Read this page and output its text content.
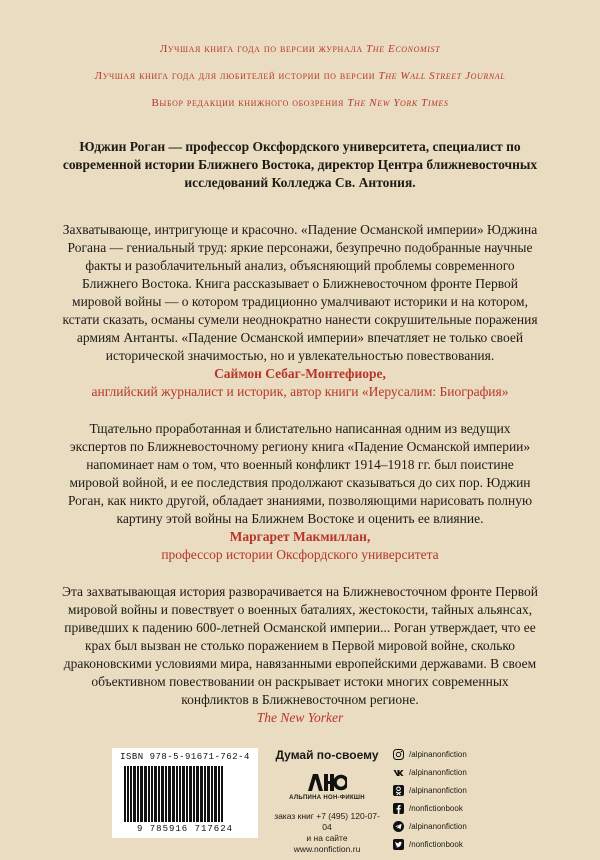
Лучшая книга года по версии журнала The Economist
Лучшая книга года для любителей истории по версии The Wall Street Journal
Выбор редакции книжного обозрения The New York Times
Юджин Роган — профессор Оксфордского университета, специалист по современной истории Ближнего Востока, директор Центра ближневосточных исследований Колледжа Св. Антония.

Захватывающе, интригующе и красочно. «Падение Османской империи» Юджина Рогана — гениальный труд: яркие персонажи, безупречно подобранные научные факты и разоблачительный анализ, объясняющий проблемы современного Ближнего Востока. Книга рассказывает о Ближневосточном фронте Первой мировой войны — о котором традиционно умалчивают историки и на котором, кстати сказать, османы сумели неоднократно нанести сокрушительные поражения армиям Антанты. «Падение Османской империи» впечатляет не только своей исторической значимостью, но и увлекательностью повествования.

Саймон Себаг-Монтефиоре,
английский журналист и историк, автор книги «Иерусалим: Биография»

Тщательно проработанная и блистательно написанная одним из ведущих экспертов по Ближневосточному региону книга «Падение Османской империи» напоминает нам о том, что военный конфликт 1914–1918 гг. был поистине мировой войной, и ее последствия продолжают сказываться до сих пор. Юджин Роган, как никто другой, обладает знаниями, позволяющими нарисовать полную картину этой войны на Ближнем Востоке и оценить ее влияние.

Маргарет Макмиллан,
профессор истории Оксфордского университета

Эта захватывающая история разворачивается на Ближневосточном фронте Первой мировой войны и повествует о военных баталиях, жестокости, тайных альянсах, приведших к падению 600-летней Османской империи... Роган утверждает, что ее крах был вызван не столько поражением в Первой мировой войне, сколько драконовскими условиями мира, навязанными европейскими державами. В своем объективном повествовании он раскрывает истоки многих современных конфликтов в Ближневосточном регионе.

The New Yorker

ISBN 978-5-91671-762-4
9 785916 717624
Думай по-своему
АЛЬПИНА НОН-ФИКШН
заказ книг +7 (495) 120-07-04
и на сайте www.nonfiction.ru
/alpinanonfiction
/alpinanonfiction
/alpinanonfiction
/nonfictionbook
/alpinanonfiction
/nonfictionbook
